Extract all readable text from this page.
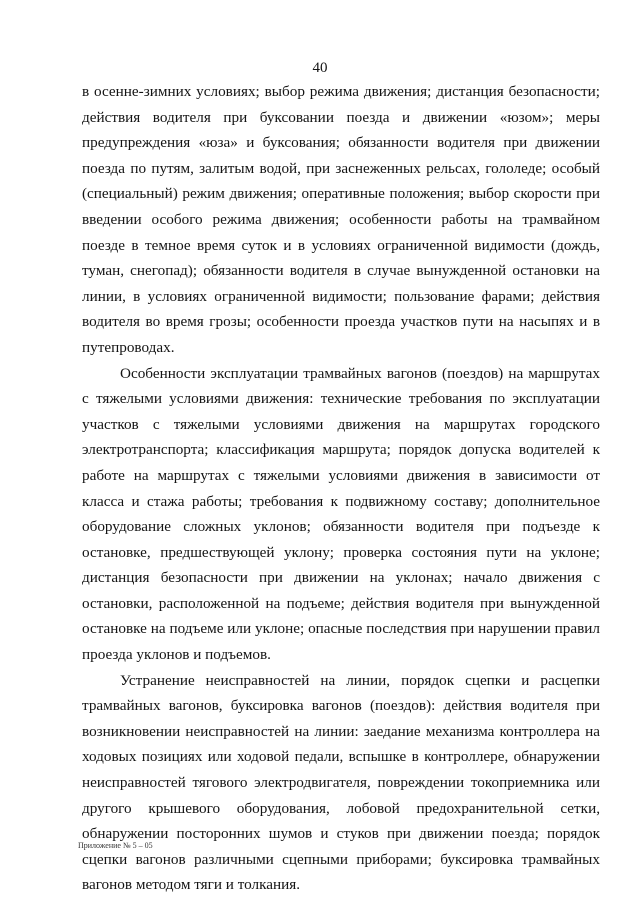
40

в осенне-зимних условиях; выбор режима движения; дистанция безопасности; действия водителя при буксовании поезда и движении «юзом»; меры предупреждения «юза» и буксования; обязанности водителя при движении поезда по путям, залитым водой, при заснеженных рельсах, гололеде; особый (специальный) режим движения; оперативные положения; выбор скорости при введении особого режима движения; особенности работы на трамвайном поезде в темное время суток и в условиях ограниченной видимости (дождь, туман, снегопад); обязанности водителя в случае вынужденной остановки на линии, в условиях ограниченной видимости; пользование фарами; действия водителя во время грозы; особенности проезда участков пути на насыпях и в путепроводах.

Особенности эксплуатации трамвайных вагонов (поездов) на маршрутах с тяжелыми условиями движения: технические требования по эксплуатации участков с тяжелыми условиями движения на маршрутах городского электротранспорта; классификация маршрута; порядок допуска водителей к работе на маршрутах с тяжелыми условиями движения в зависимости от класса и стажа работы; требования к подвижному составу; дополнительное оборудование сложных уклонов; обязанности водителя при подъезде к остановке, предшествующей уклону; проверка состояния пути на уклоне; дистанция безопасности при движении на уклонах; начало движения с остановки, расположенной на подъеме; действия водителя при вынужденной остановке на подъеме или уклоне; опасные последствия при нарушении правил проезда уклонов и подъемов.

Устранение неисправностей на линии, порядок сцепки и расцепки трамвайных вагонов, буксировка вагонов (поездов): действия водителя при возникновении неисправностей на линии: заедание механизма контроллера на ходовых позициях или ходовой педали, вспышке в контроллере, обнаружении неисправностей тягового электродвигателя, повреждении токоприемника или другого крышевого оборудования, лобовой предохранительной сетки, обнаружении посторонних шумов и стуков при движении поезда; порядок сцепки вагонов различными сцепными приборами; буксировка трамвайных вагонов методом тяги и толкания.

Приложение № 5 – 05
